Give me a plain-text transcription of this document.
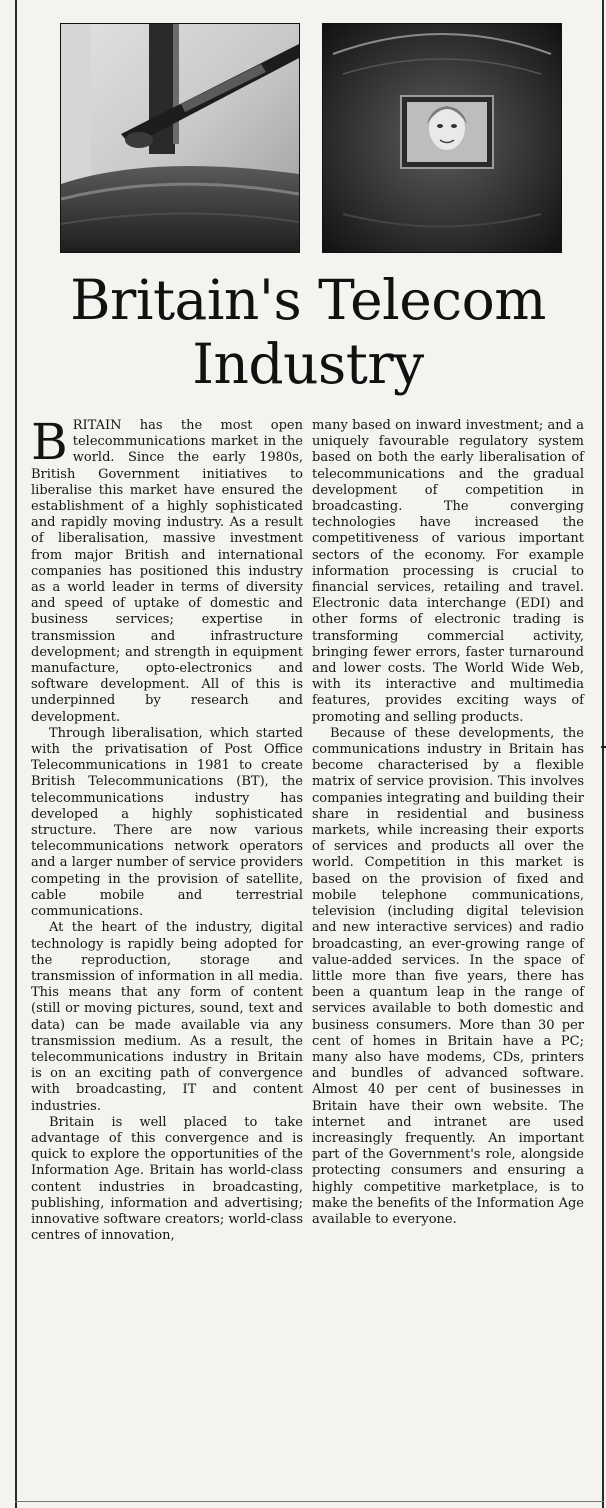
Britain's Telecom Industry

BRITAIN has the most open telecommunications market in the world. Since the early 1980s, British Government initiatives to liberalise this market have ensured the establishment of a highly sophisticated and rapidly moving industry. As a result of liberalisation, massive investment from major British and international companies has positioned this industry as a world leader in terms of diversity and speed of uptake of domestic and business services; expertise in transmission and infrastructure development; and strength in equipment manufacture, opto-electronics and software development. All of this is underpinned by research and development.

Through liberalisation, which started with the privatisation of Post Office Telecommunications in 1981 to create British Telecommunications (BT), the telecommunications industry has developed a highly sophisticated structure. There are now various telecommunications network operators and a larger number of service providers competing in the provision of satellite, cable mobile and terrestrial communications.

At the heart of the industry, digital technology is rapidly being adopted for the reproduction, storage and transmission of information in all media. This means that any form of content (still or moving pictures, sound, text and data) can be made available via any transmission medium. As a result, the telecommunications industry in Britain is on an exciting path of convergence with broadcasting, IT and content industries.

Britain is well placed to take advantage of this convergence and is quick to explore the opportunities of the Information Age. Britain has world-class content industries in broadcasting, publishing, information and advertising; innovative software creators; world-class centres of innovation,

many based on inward investment; and a uniquely favourable regulatory system based on both the early liberalisation of telecommunications and the gradual development of competition in broadcasting. The converging technologies have increased the competitiveness of various important sectors of the economy. For example information processing is crucial to financial services, retailing and travel. Electronic data interchange (EDI) and other forms of electronic trading is transforming commercial activity, bringing fewer errors, faster turnaround and lower costs. The World Wide Web, with its interactive and multimedia features, provides exciting ways of promoting and selling products.

Because of these developments, the communications industry in Britain has become characterised by a flexible matrix of service provision. This involves companies integrating and building their share in residential and business markets, while increasing their exports of services and products all over the world. Competition in this market is based on the provision of fixed and mobile telephone communications, television (including digital television and new interactive services) and radio broadcasting, an ever-growing range of value-added services. In the space of little more than five years, there has been a quantum leap in the range of services available to both domestic and business consumers. More than 30 per cent of homes in Britain have a PC; many also have modems, CDs, printers and bundles of advanced software. Almost 40 per cent of businesses in Britain have their own website. The internet and intranet are used increasingly frequently. An important part of the Government's role, alongside protecting consumers and ensuring a highly competitive marketplace, is to make the benefits of the Information Age available to everyone.
